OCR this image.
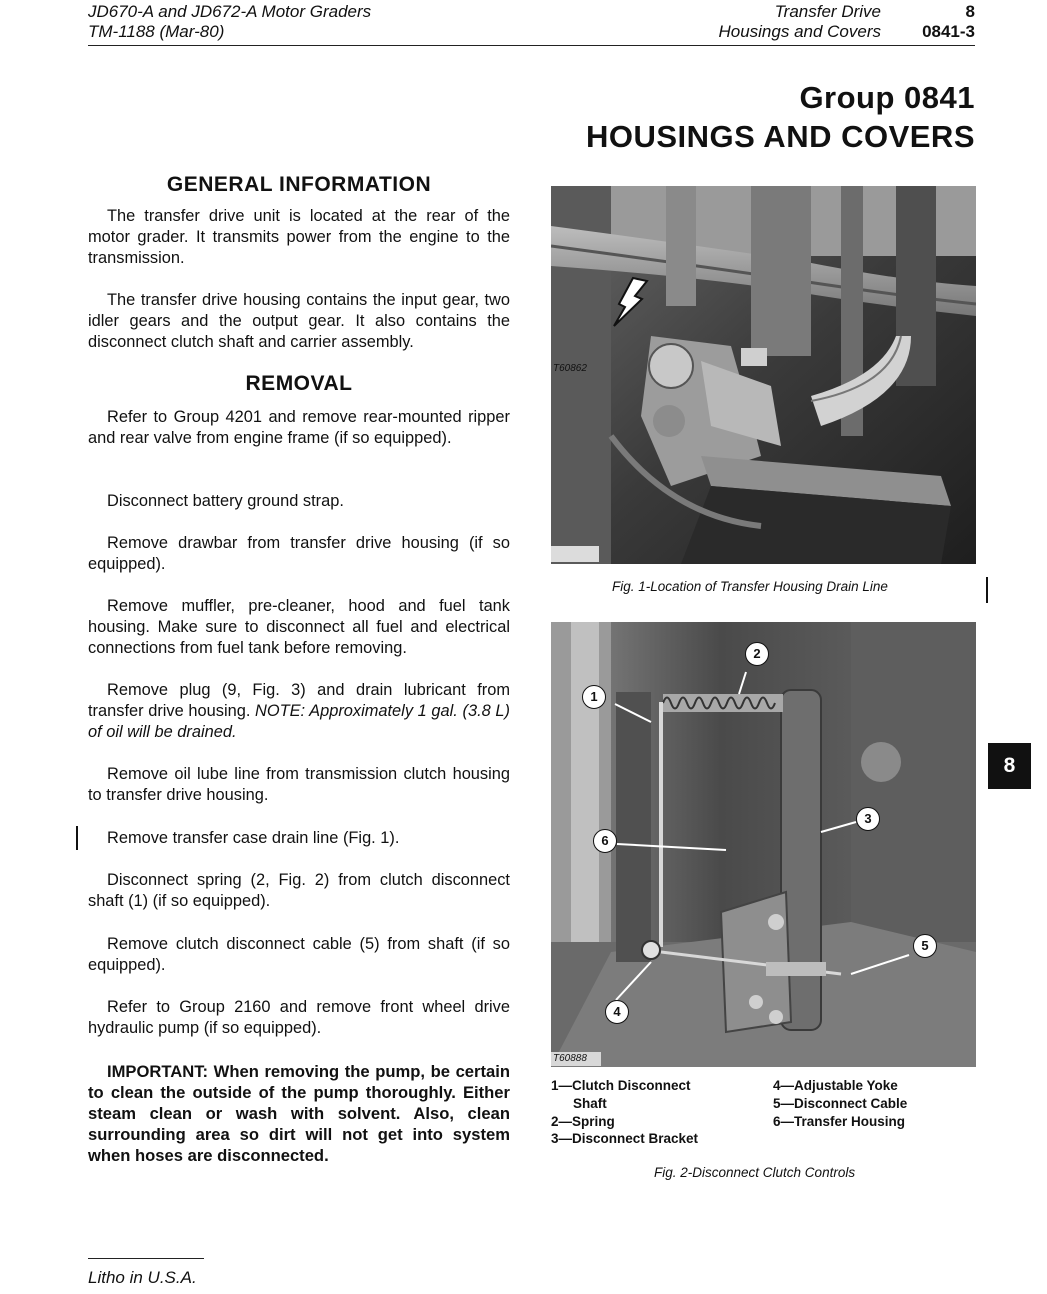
JD670-A and JD672-A Motor Graders
TM-1188 (Mar-80)
Transfer Drive
Housings and Covers
8
0841-3
Group 0841
HOUSINGS AND COVERS
GENERAL INFORMATION
The transfer drive unit is located at the rear of the motor grader. It transmits power from the engine to the transmission.
The transfer drive housing contains the input gear, two idler gears and the output gear. It also contains the disconnect clutch shaft and carrier assembly.
REMOVAL
Refer to Group 4201 and remove rear-mounted ripper and rear valve from engine frame (if so equipped).
Disconnect battery ground strap.
Remove drawbar from transfer drive housing (if so equipped).
Remove muffler, pre-cleaner, hood and fuel tank housing. Make sure to disconnect all fuel and electrical connections from fuel tank before removing.
Remove plug (9, Fig. 3) and drain lubricant from transfer drive housing. NOTE: Approximately 1 gal. (3.8 L) of oil will be drained.
Remove oil lube line from transmission clutch housing to transfer drive housing.
Remove transfer case drain line (Fig. 1).
Disconnect spring (2, Fig. 2) from clutch disconnect shaft (1) (if so equipped).
Remove clutch disconnect cable (5) from shaft (if so equipped).
Refer to Group 2160 and remove front wheel drive hydraulic pump (if so equipped).
IMPORTANT: When removing the pump, be certain to clean the outside of the pump thoroughly. Either steam clean or wash with solvent. Also, clean surrounding area so dirt will not get into system when hoses are disconnected.
T60862
Fig. 1-Location of Transfer Housing Drain Line
1
2
3
4
5
6
T60888
1—Clutch Disconnect
Shaft
2—Spring
3—Disconnect Bracket
4—Adjustable Yoke
5—Disconnect Cable
6—Transfer Housing
Fig. 2-Disconnect Clutch Controls
8
Litho in U.S.A.
